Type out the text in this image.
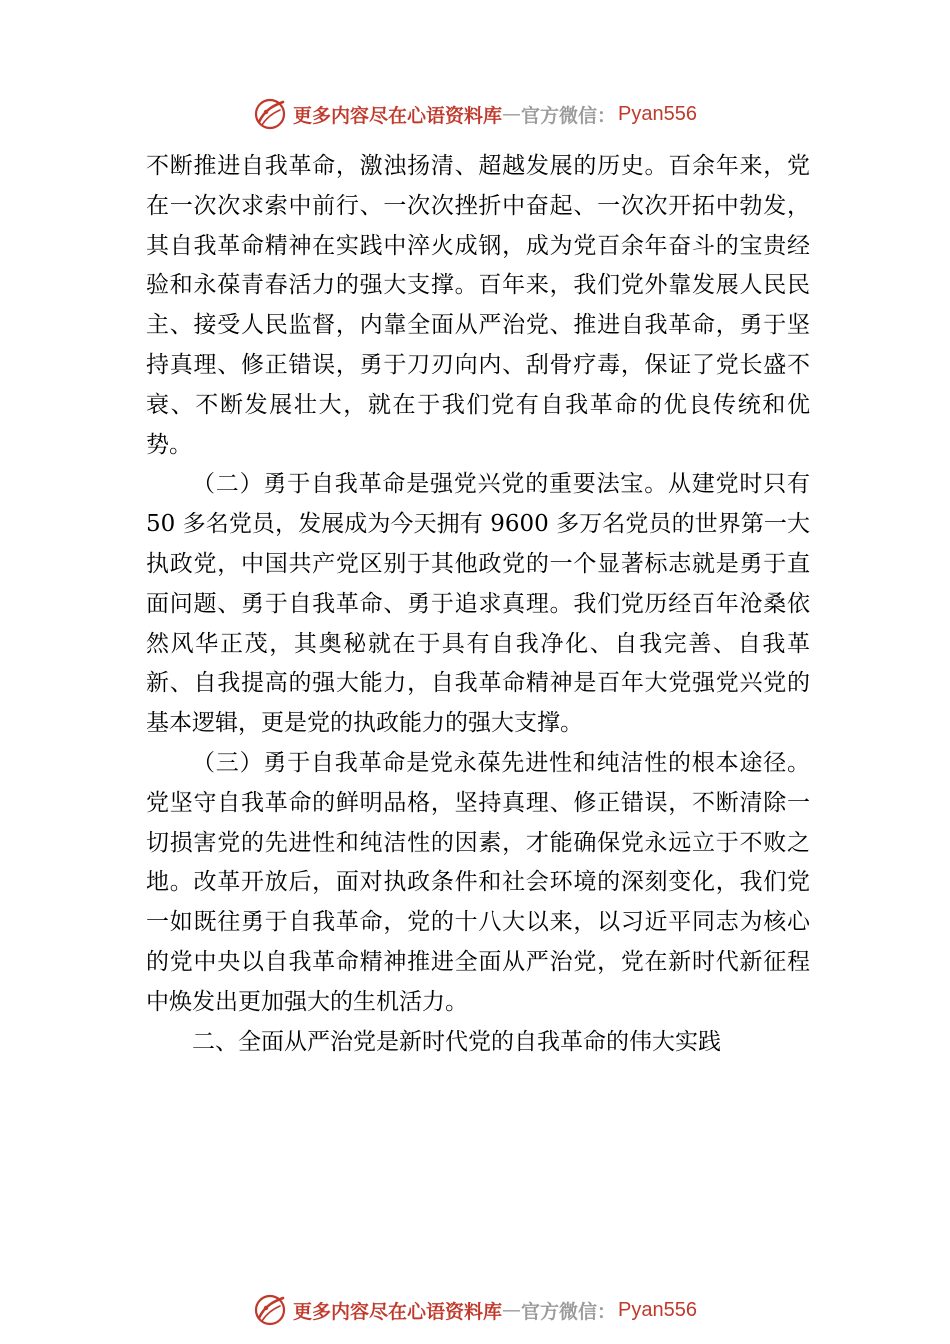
更多内容尽在心语资料库 — 官方微信： Pyan556

不断推进自我革命，激浊扬清、超越发展的历史。百余年来，党在一次次求索中前行、一次次挫折中奋起、一次次开拓中勃发，其自我革命精神在实践中淬火成钢，成为党百余年奋斗的宝贵经验和永葆青春活力的强大支撑。百年来，我们党外靠发展人民民主、接受人民监督，内靠全面从严治党、推进自我革命，勇于坚持真理、修正错误，勇于刀刃向内、刮骨疗毒，保证了党长盛不衰、不断发展壮大，就在于我们党有自我革命的优良传统和优势。

（二）勇于自我革命是强党兴党的重要法宝。从建党时只有 50 多名党员，发展成为今天拥有 9600 多万名党员的世界第一大执政党，中国共产党区别于其他政党的一个显著标志就是勇于直面问题、勇于自我革命、勇于追求真理。我们党历经百年沧桑依然风华正茂，其奥秘就在于具有自我净化、自我完善、自我革新、自我提高的强大能力，自我革命精神是百年大党强党兴党的基本逻辑，更是党的执政能力的强大支撑。

（三）勇于自我革命是党永葆先进性和纯洁性的根本途径。党坚守自我革命的鲜明品格，坚持真理、修正错误，不断清除一切损害党的先进性和纯洁性的因素，才能确保党永远立于不败之地。改革开放后，面对执政条件和社会环境的深刻变化，我们党一如既往勇于自我革命，党的十八大以来，以习近平同志为核心的党中央以自我革命精神推进全面从严治党，党在新时代新征程中焕发出更加强大的生机活力。

二、全面从严治党是新时代党的自我革命的伟大实践

更多内容尽在心语资料库 — 官方微信： Pyan556
